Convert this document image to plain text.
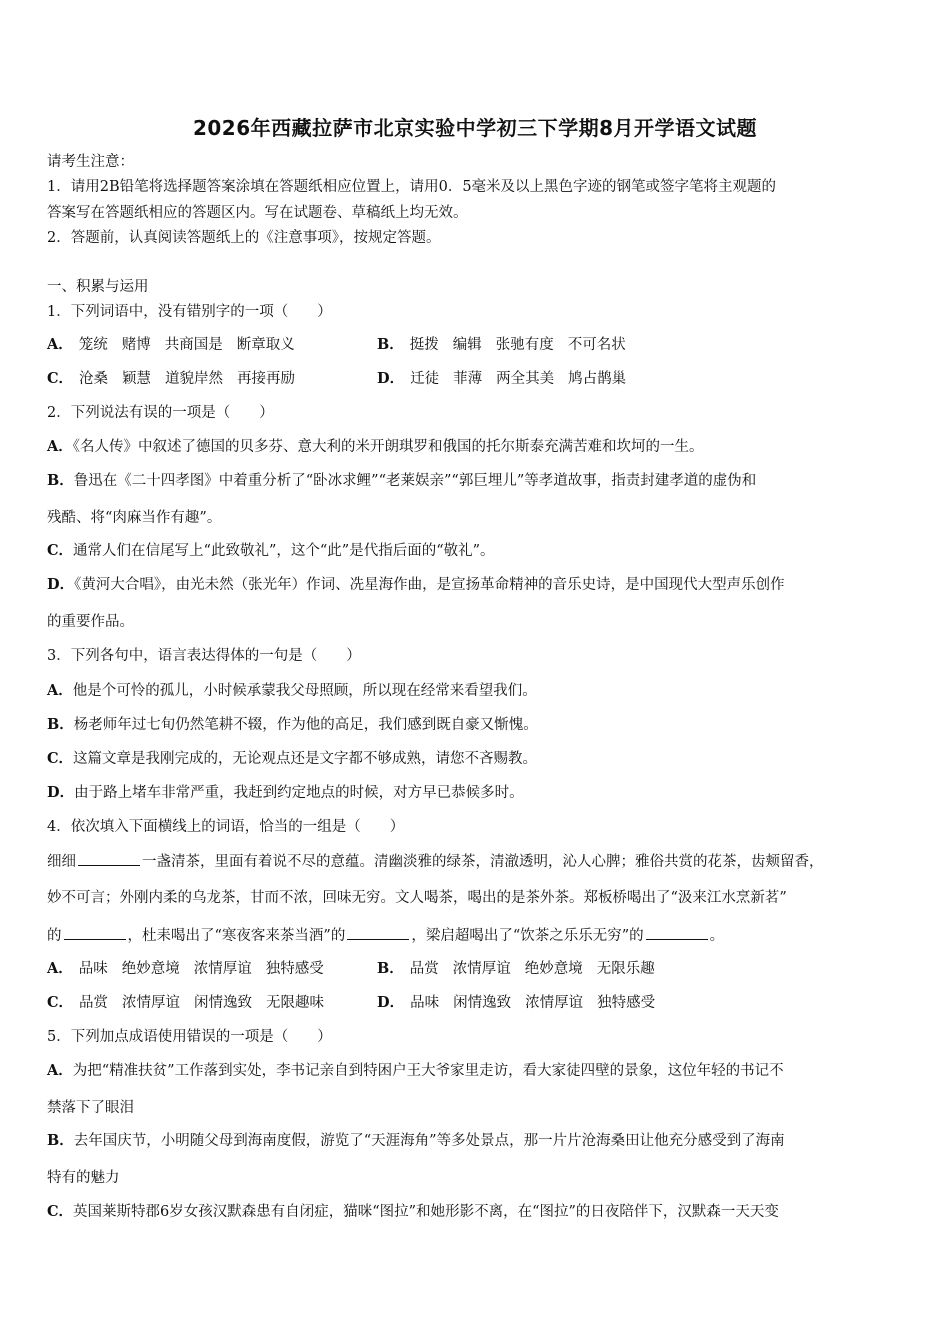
2026年西藏拉萨市北京实验中学初三下学期8月开学语文试题
请考生注意：
1．请用2B铅笔将选择题答案涂填在答题纸相应位置上，请用0．5毫米及以上黑色字迹的钢笔或签字笔将主观题的
答案写在答题纸相应的答题区内。写在试题卷、草稿纸上均无效。
2．答题前，认真阅读答题纸上的《注意事项》，按规定答题。
一、积累与运用
1．下列词语中，没有错别字的一项（　　）
A． 笼统 赌博 共商国是 断章取义	B． 挺拨 编辑 张驰有度 不可名状
C． 沧桑 颖慧 道貌岸然 再接再励	D． 迁徒 菲薄 两全其美 鸠占鹊巢
2．下列说法有误的一项是（　　）
A．《名人传》中叙述了德国的贝多芬、意大利的米开朗琪罗和俄国的托尔斯泰充满苦难和坎坷的一生。
B．鲁迅在《二十四孝图》中着重分析了“卧冰求鲤”“老莱娱亲”“郭巨埋儿”等孝道故事，指责封建孝道的虚伪和
残酷、将“肉麻当作有趣”。
C．通常人们在信尾写上“此致敬礼”，这个“此”是代指后面的“敬礼”。
D．《黄河大合唱》，由光未然（张光年）作词、冼星海作曲，是宣扬革命精神的音乐史诗，是中国现代大型声乐创作
的重要作品。
3．下列各句中，语言表达得体的一句是（　　）
A．他是个可怜的孤儿，小时候承蒙我父母照顾，所以现在经常来看望我们。
B．杨老师年过七旬仍然笔耕不辍，作为他的高足，我们感到既自豪又惭愧。
C．这篇文章是我刚完成的，无论观点还是文字都不够成熟，请您不吝赐教。
D．由于路上堵车非常严重，我赶到约定地点的时候，对方早已恭候多时。
4．依次填入下面横线上的词语，恰当的一组是（　　）
细细	一盏清茶，里面有着说不尽的意蕴。清幽淡雅的绿茶，清澈透明，沁人心脾；雅俗共赏的花茶，齿颊留香，
妙不可言；外刚内柔的乌龙茶，甘而不浓，回味无穷。文人喝茶，喝出的是茶外茶。郑板桥喝出了“汲来江水烹新茗”
的	，杜耒喝出了“寒夜客来茶当酒”的	，梁启超喝出了“饮茶之乐乐无穷”的	。
A． 品味 绝妙意境 浓情厚谊 独特感受	B． 品赏 浓情厚谊 绝妙意境 无限乐趣
C． 品赏 浓情厚谊 闲情逸致 无限趣味	D． 品味 闲情逸致 浓情厚谊 独特感受
5．下列加点成语使用错误的一项是（　　）
A．为把“精准扶贫”工作落到实处，李书记亲自到特困户王大爷家里走访，看大家徒四壁的景象，这位年轻的书记不
禁落下了眼泪
B．去年国庆节，小明随父母到海南度假，游览了“天涯海角”等多处景点，那一片片沧海桑田让他充分感受到了海南
特有的魅力
C．英国莱斯特郡6岁女孩汉默森患有自闭症，猫咪“图拉”和她形影不离，在“图拉”的日夜陪伴下，汉默森一天天变
